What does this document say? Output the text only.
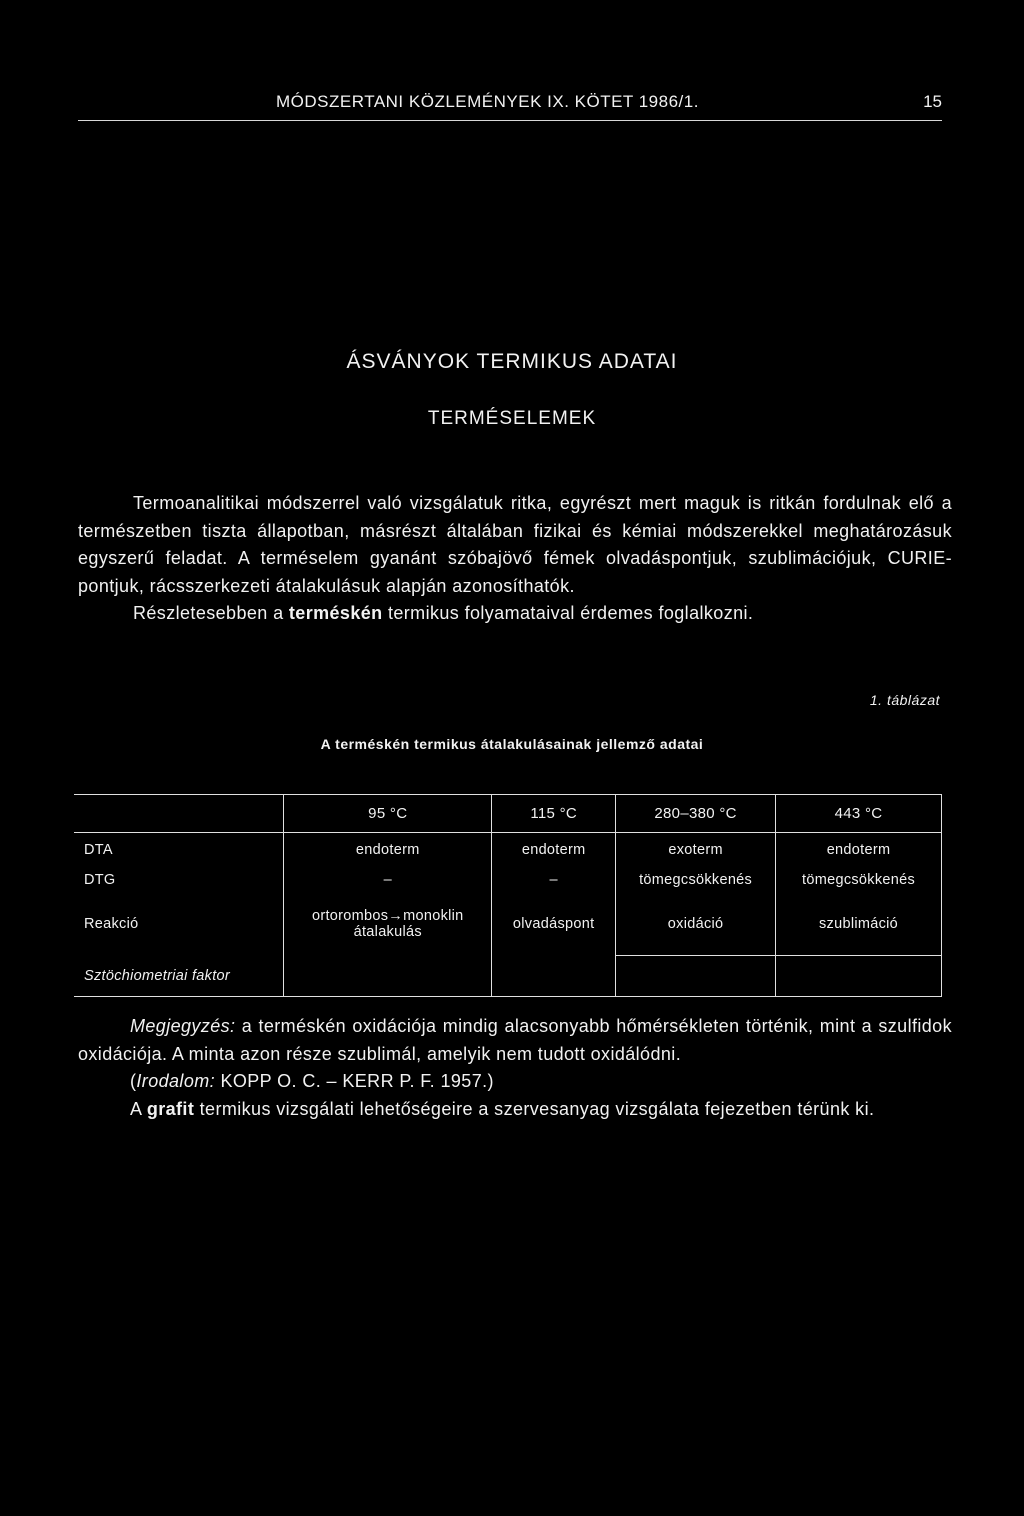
MÓDSZERTANI KÖZLEMÉNYEK IX. KÖTET 1986/1.	15
ÁSVÁNYOK TERMIKUS ADATAI
TERMÉSELEMEK

Termoanalitikai módszerrel való vizsgálatuk ritka, egyrészt mert maguk is ritkán fordulnak elő a természetben tiszta állapotban, másrészt általában fizikai és kémiai módszerekkel meghatározásuk egyszerű feladat. A terméselem gyanánt szóbajövő fémek olvadáspontjuk, szublimációjuk, CURIE-pontjuk, rácsszerkezeti átalakulásuk alapján azonosíthatók.

Részletesebben a terméskén termikus folyamataival érdemes foglalkozni.

1. táblázat
A terméskén termikus átalakulásainak jellemző adatai
	95 °C	115 °C	280–380 °C	443 °C
DTA	endoterm	endoterm	exoterm	endoterm
DTG	–	–	tömegcsökkenés	tömegcsökkenés
Reakció	ortorombos→monoklin átalakulás	olvadáspont	oxidáció	szublimáció
Sztöchiometriai faktor				

Megjegyzés: a terméskén oxidációja mindig alacsonyabb hőmérsékleten történik, mint a szulfidok oxidációja. A minta azon része szublimál, amelyik nem tudott oxidálódni.

(Irodalom: KOPP O. C. – KERR P. F. 1957.)

A grafit termikus vizsgálati lehetőségeire a szervesanyag vizsgálata fejezetben térünk ki.
